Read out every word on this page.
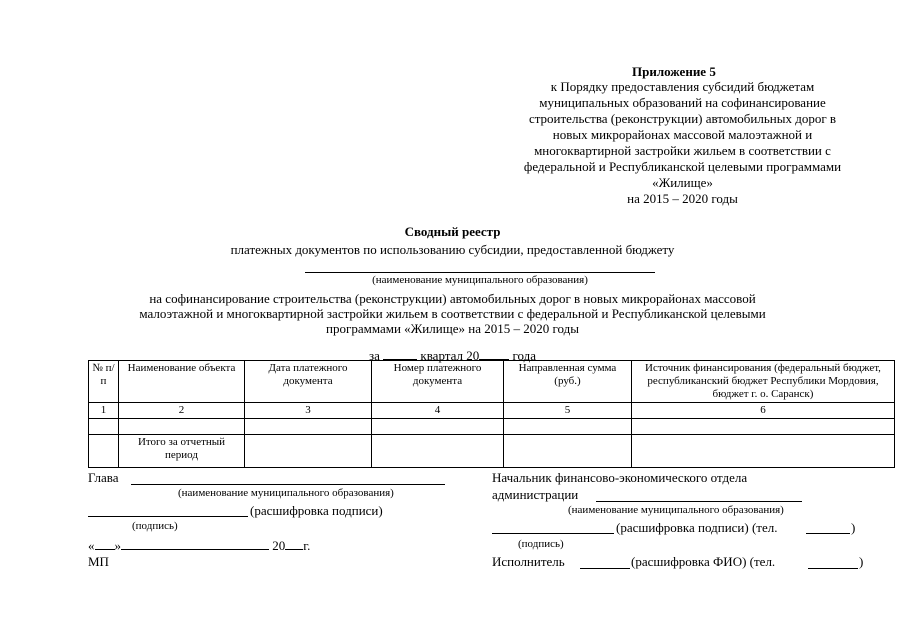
Приложение 5
к Порядку предоставления субсидий бюджетам
муниципальных образований на софинансирование
строительства (реконструкции) автомобильных дорог в
новых микрорайонах массовой малоэтажной и
многоквартирной застройки жильем в соответствии с
федеральной и Республиканской целевыми программами
«Жилище»
на 2015 – 2020 годы
Сводный реестр
платежных документов по использованию субсидии, предоставленной бюджету
(наименование муниципального образования)
на софинансирование строительства (реконструкции) автомобильных дорог в новых микрорайонах массовой
малоэтажной и многоквартирной застройки жильем в соответствии с федеральной и Республиканской целевыми
программами «Жилище» на 2015 – 2020 годы
за	квартал 20	года
№ п/п	Наименование объекта	Дата платежного документа	Номер платежного документа	Направленная сумма (руб.)	Источник финансирования (федеральный бюджет, республиканский бюджет Республики Мордовия, бюджет г. о. Саранск)
1	2	3	4	5	6

	Итого за отчетный период				
Глава
(наименование муниципального образования)
(расшифровка подписи)
(подпись)
« »	20 г.
МП
Начальник финансово-экономического отдела
администрации
(наименование муниципального образования)
(расшифровка подписи) (тел.	)
(подпись)
Исполнитель	(расшифровка ФИО) (тел.	)
